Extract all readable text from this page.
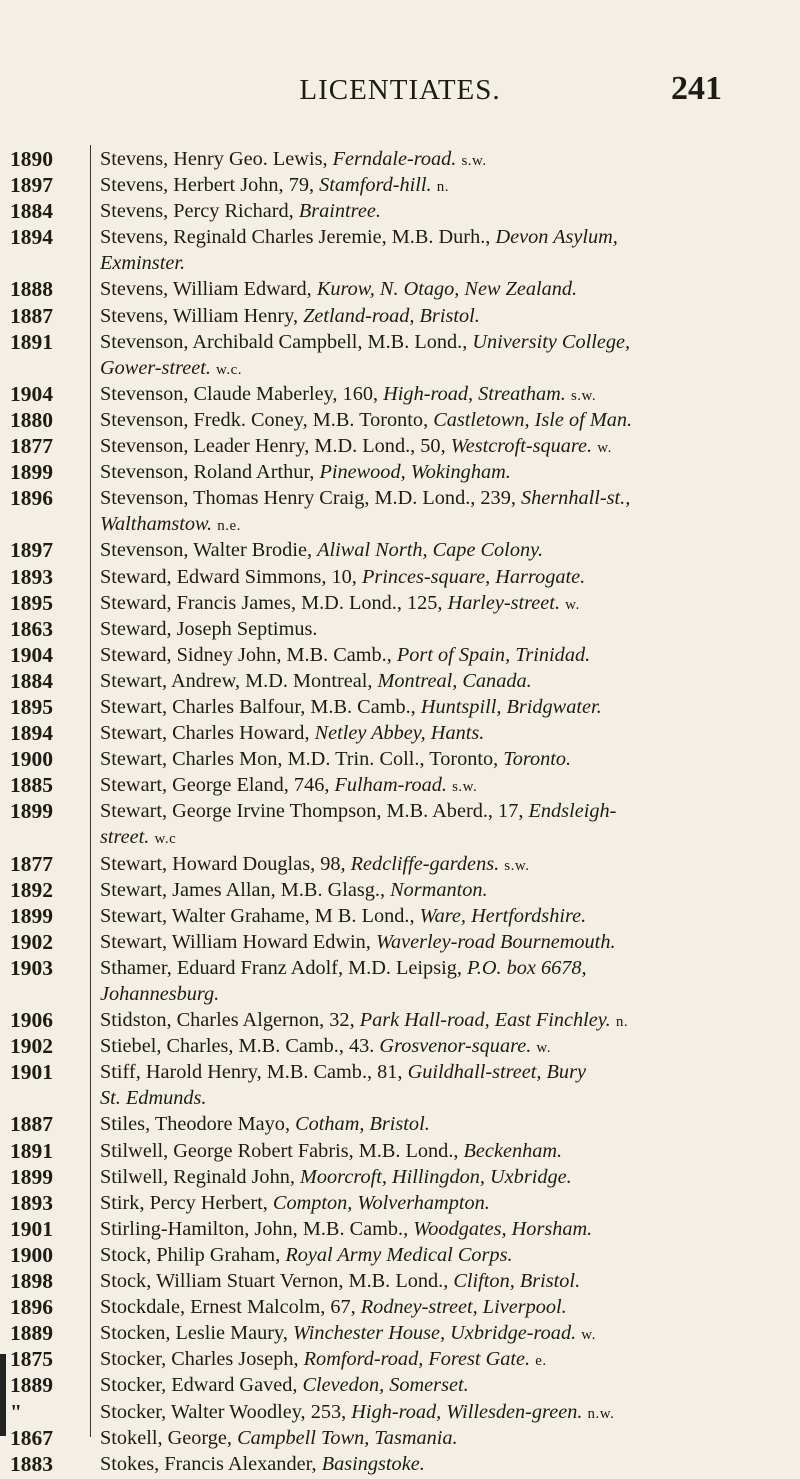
LICENTIATES.	241
1890	Stevens, Henry Geo. Lewis, Ferndale-road. s.w.
1897	Stevens, Herbert John, 79, Stamford-hill. n.
1884	Stevens, Percy Richard, Braintree.
1894	Stevens, Reginald Charles Jeremie, M.B. Durh., Devon Asylum,
Exminster.
1888	Stevens, William Edward, Kurow, N. Otago, New Zealand.
1887	Stevens, William Henry, Zetland-road, Bristol.
1891	Stevenson, Archibald Campbell, M.B. Lond., University College,
Gower-street. w.c.
1904	Stevenson, Claude Maberley, 160, High-road, Streatham. s.w.
1880	Stevenson, Fredk. Coney, M.B. Toronto, Castletown, Isle of Man.
1877	Stevenson, Leader Henry, M.D. Lond., 50, Westcroft-square. w.
1899	Stevenson, Roland Arthur, Pinewood, Wokingham.
1896	Stevenson, Thomas Henry Craig, M.D. Lond., 239, Shernhall-st.,
Walthamstow. n.e.
1897	Stevenson, Walter Brodie, Aliwal North, Cape Colony.
1893	Steward, Edward Simmons, 10, Princes-square, Harrogate.
1895	Steward, Francis James, M.D. Lond., 125, Harley-street. w.
1863	Steward, Joseph Septimus.
1904	Steward, Sidney John, M.B. Camb., Port of Spain, Trinidad.
1884	Stewart, Andrew, M.D. Montreal, Montreal, Canada.
1895	Stewart, Charles Balfour, M.B. Camb., Huntspill, Bridgwater.
1894	Stewart, Charles Howard, Netley Abbey, Hants.
1900	Stewart, Charles Mon, M.D. Trin. Coll., Toronto, Toronto.
1885	Stewart, George Eland, 746, Fulham-road. s.w.
1899	Stewart, George Irvine Thompson, M.B. Aberd., 17, Endsleigh-
street. w.c
1877	Stewart, Howard Douglas, 98, Redcliffe-gardens. s.w.
1892	Stewart, James Allan, M.B. Glasg., Normanton.
1899	Stewart, Walter Grahame, M B. Lond., Ware, Hertfordshire.
1902	Stewart, William Howard Edwin, Waverley-road Bournemouth.
1903	Sthamer, Eduard Franz Adolf, M.D. Leipsig, P.O. box 6678,
Johannesburg.
1906	Stidston, Charles Algernon, 32, Park Hall-road, East Finchley. n.
1902	Stiebel, Charles, M.B. Camb., 43. Grosvenor-square. w.
1901	Stiff, Harold Henry, M.B. Camb., 81, Guildhall-street, Bury
St. Edmunds.
1887	Stiles, Theodore Mayo, Cotham, Bristol.
1891	Stilwell, George Robert Fabris, M.B. Lond., Beckenham.
1899	Stilwell, Reginald John, Moorcroft, Hillingdon, Uxbridge.
1893	Stirk, Percy Herbert, Compton, Wolverhampton.
1901	Stirling-Hamilton, John, M.B. Camb., Woodgates, Horsham.
1900	Stock, Philip Graham, Royal Army Medical Corps.
1898	Stock, William Stuart Vernon, M.B. Lond., Clifton, Bristol.
1896	Stockdale, Ernest Malcolm, 67, Rodney-street, Liverpool.
1889	Stocken, Leslie Maury, Winchester House, Uxbridge-road. w.
1875	Stocker, Charles Joseph, Romford-road, Forest Gate. e.
1889	Stocker, Edward Gaved, Clevedon, Somerset.
"	Stocker, Walter Woodley, 253, High-road, Willesden-green. n.w.
1867	Stokell, George, Campbell Town, Tasmania.
1883	Stokes, Francis Alexander, Basingstoke.
